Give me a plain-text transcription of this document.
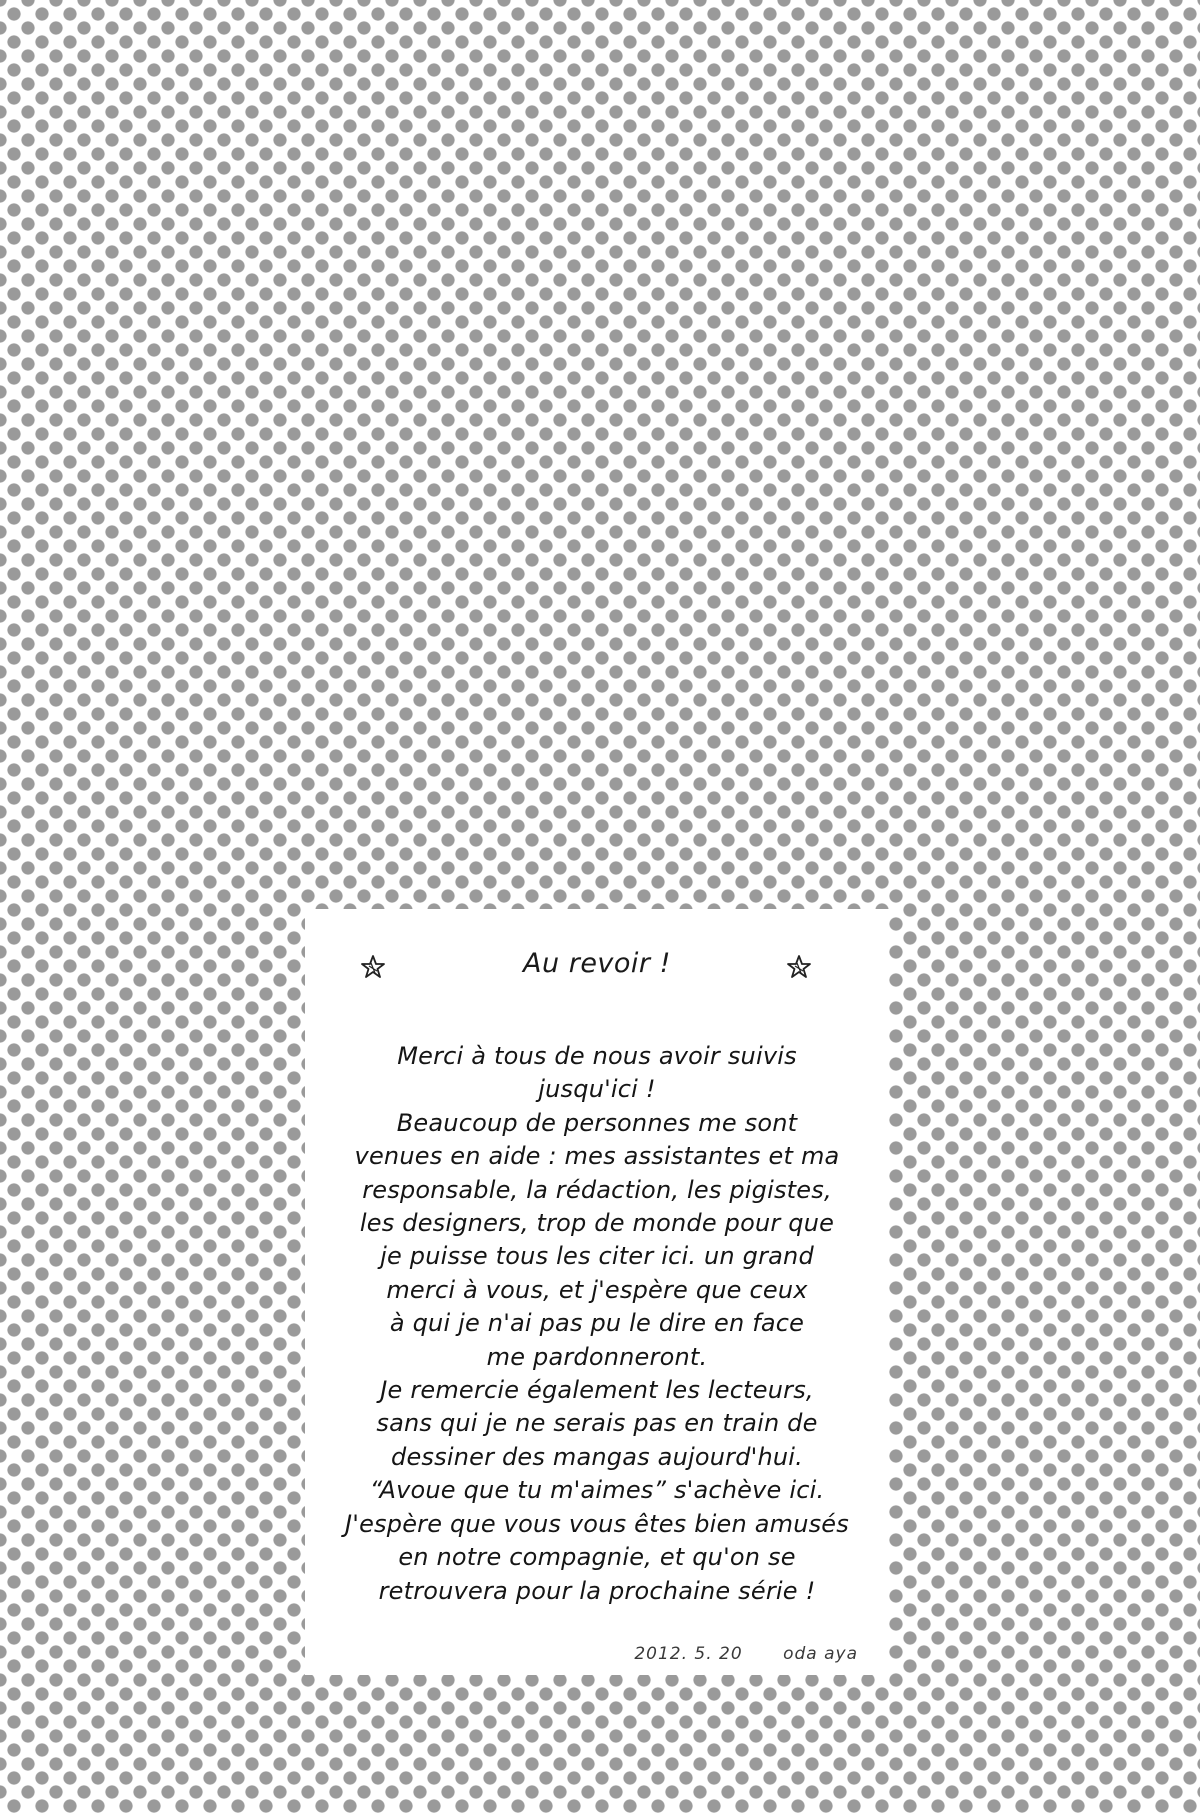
Au revoir !
Merci à tous de nous avoir suivis
jusqu'ici !
Beaucoup de personnes me sont
venues en aide : mes assistantes et ma
responsable, la rédaction, les pigistes,
les designers, trop de monde pour que
je puisse tous les citer ici. un grand
merci à vous, et j'espère que ceux
à qui je n'ai pas pu le dire en face
me pardonneront.
Je remercie également les lecteurs,
sans qui je ne serais pas en train de
dessiner des mangas aujourd'hui.
“Avoue que tu m'aimes” s'achève ici.
J'espère que vous vous êtes bien amusés
en notre compagnie, et qu'on se
retrouvera pour la prochaine série !
2012. 5. 20 oda aya
